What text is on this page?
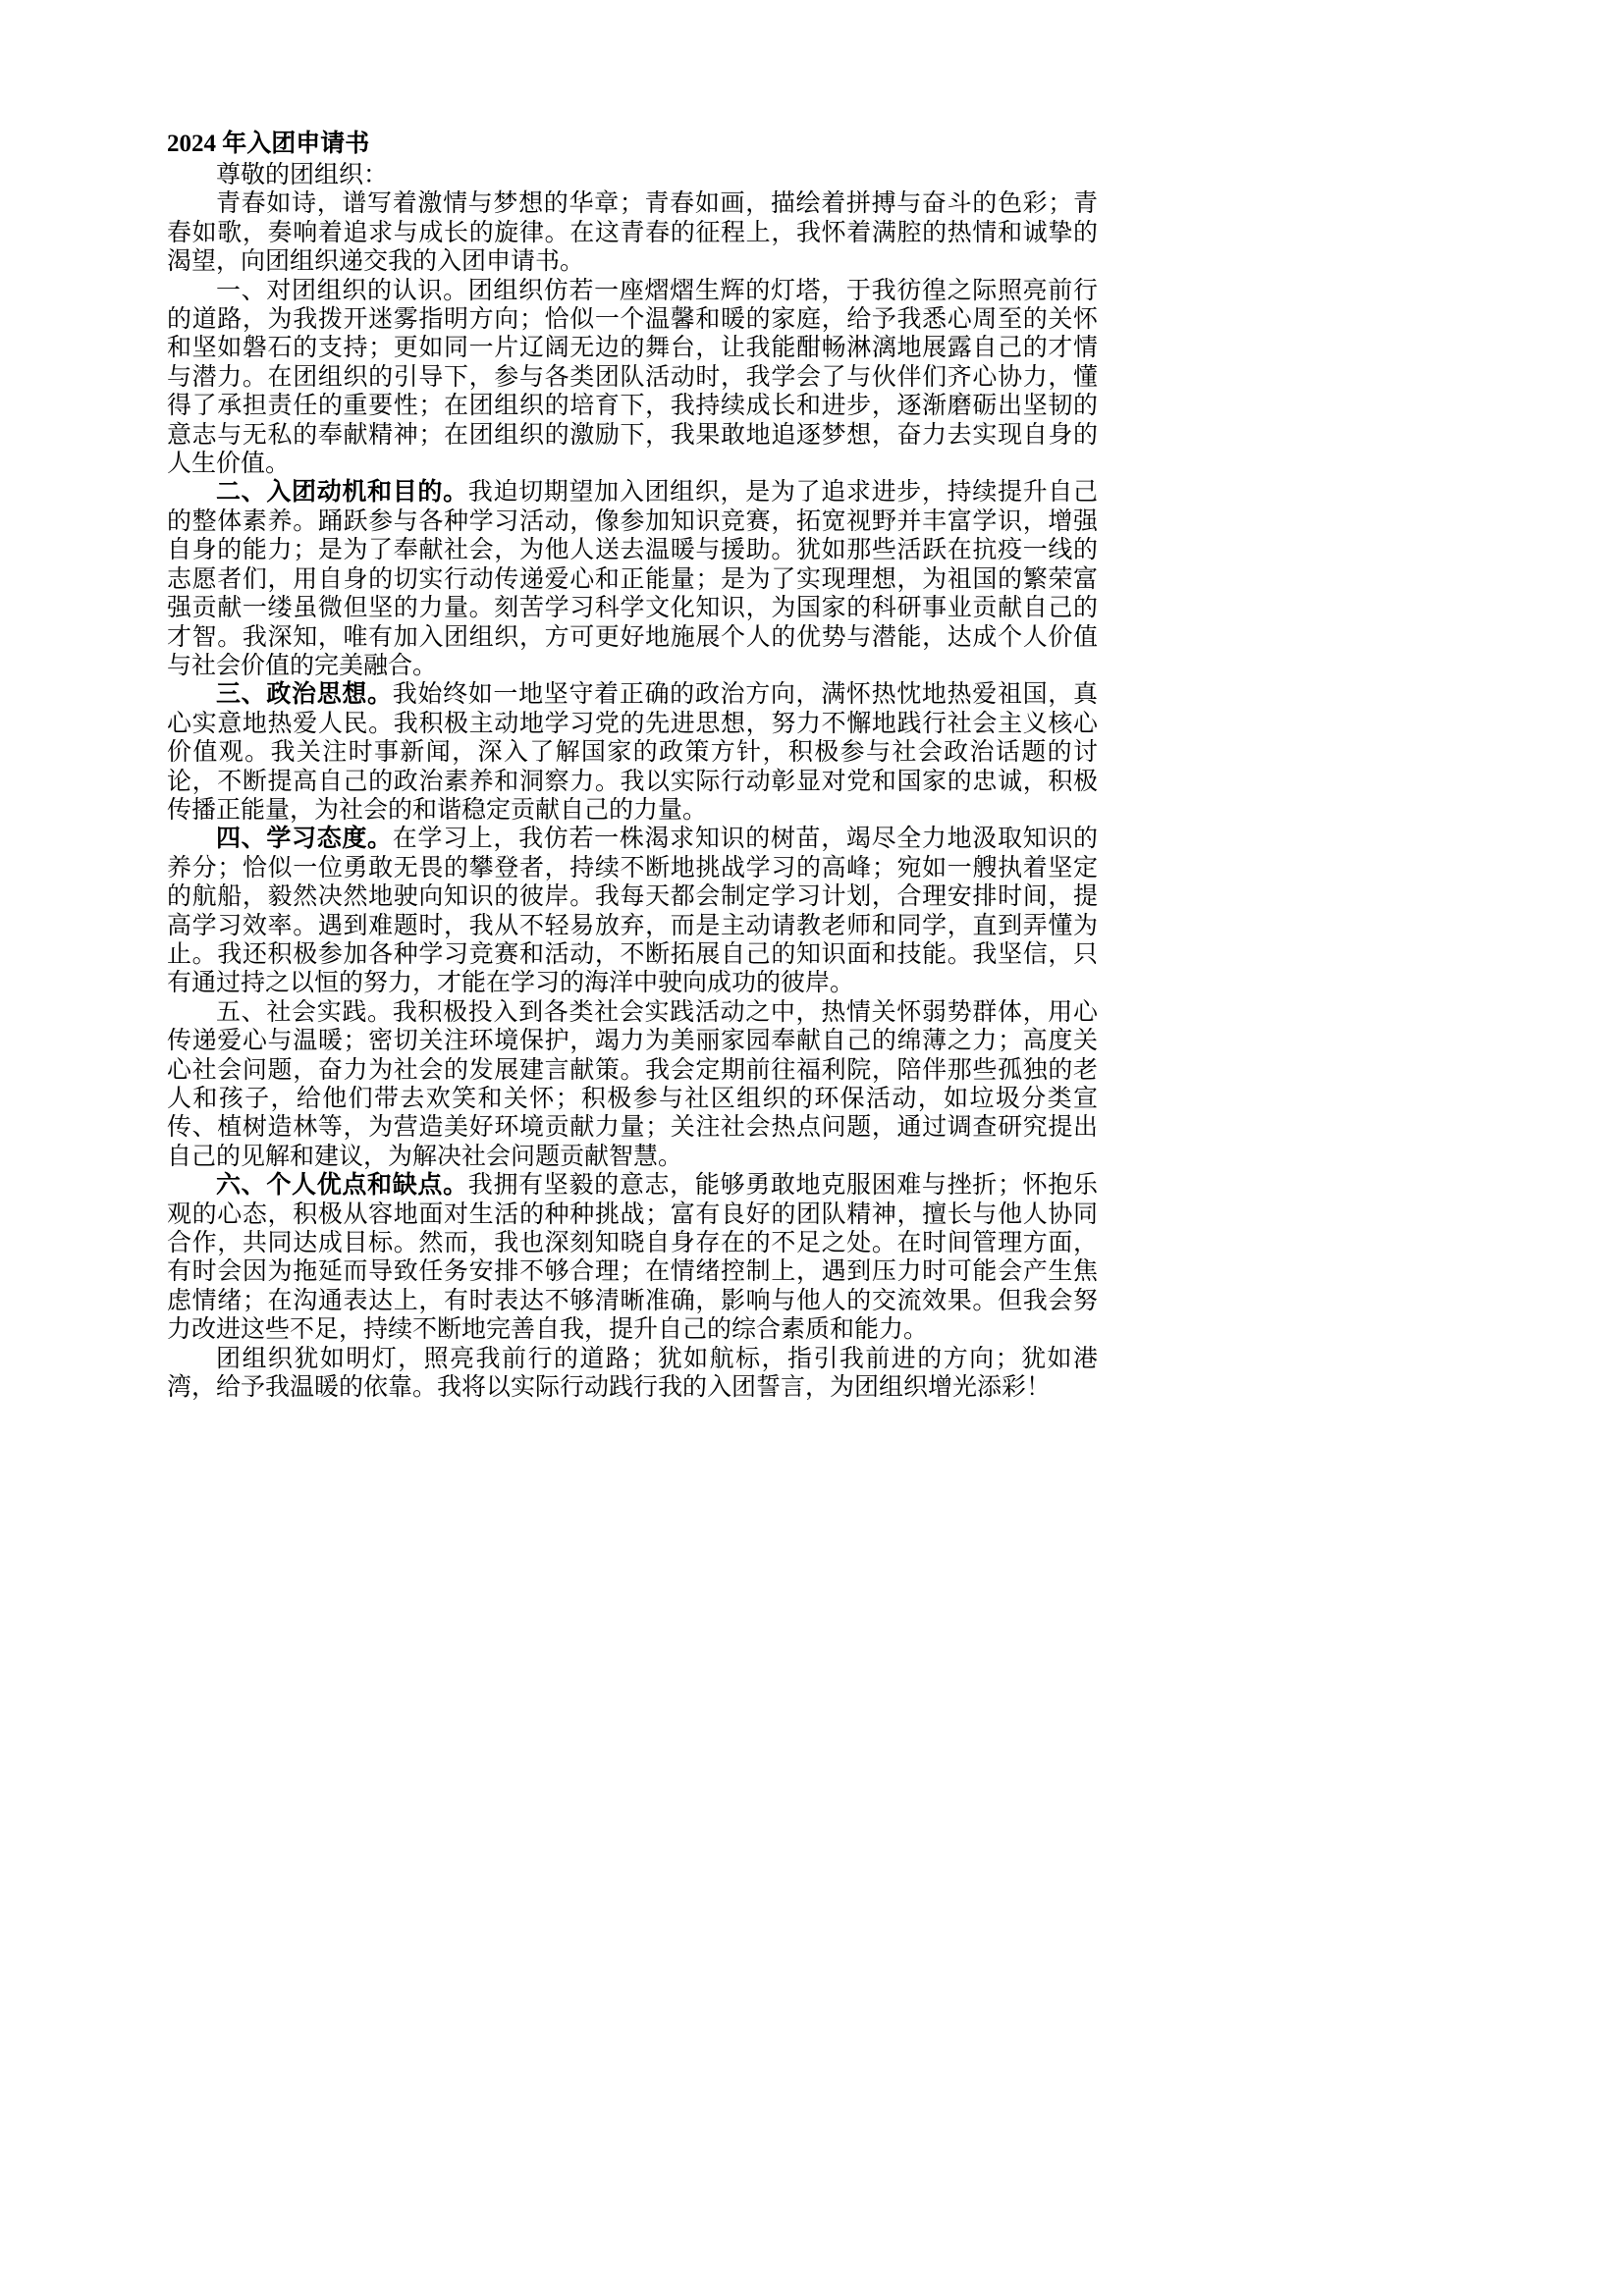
2024 年入团申请书

尊敬的团组织：

青春如诗，谱写着激情与梦想的华章；青春如画，描绘着拼搏与奋斗的色彩；青春如歌，奏响着追求与成长的旋律。在这青春的征程上，我怀着满腔的热情和诚挚的渴望，向团组织递交我的入团申请书。

一、对团组织的认识。团组织仿若一座熠熠生辉的灯塔，于我彷徨之际照亮前行的道路，为我拨开迷雾指明方向；恰似一个温馨和暖的家庭，给予我悉心周至的关怀和坚如磐石的支持；更如同一片辽阔无边的舞台，让我能酣畅淋漓地展露自己的才情与潜力。在团组织的引导下，参与各类团队活动时，我学会了与伙伴们齐心协力，懂得了承担责任的重要性；在团组织的培育下，我持续成长和进步，逐渐磨砺出坚韧的意志与无私的奉献精神；在团组织的激励下，我果敢地追逐梦想，奋力去实现自身的人生价值。

二、入团动机和目的。我迫切期望加入团组织，是为了追求进步，持续提升自己的整体素养。踊跃参与各种学习活动，像参加知识竞赛，拓宽视野并丰富学识，增强自身的能力；是为了奉献社会，为他人送去温暖与援助。犹如那些活跃在抗疫一线的志愿者们，用自身的切实行动传递爱心和正能量；是为了实现理想，为祖国的繁荣富强贡献一缕虽微但坚的力量。刻苦学习科学文化知识，为国家的科研事业贡献自己的才智。我深知，唯有加入团组织，方可更好地施展个人的优势与潜能，达成个人价值与社会价值的完美融合。

三、政治思想。我始终如一地坚守着正确的政治方向，满怀热忱地热爱祖国，真心实意地热爱人民。我积极主动地学习党的先进思想，努力不懈地践行社会主义核心价值观。我关注时事新闻，深入了解国家的政策方针，积极参与社会政治话题的讨论，不断提高自己的政治素养和洞察力。我以实际行动彰显对党和国家的忠诚，积极传播正能量，为社会的和谐稳定贡献自己的力量。

四、学习态度。在学习上，我仿若一株渴求知识的树苗，竭尽全力地汲取知识的养分；恰似一位勇敢无畏的攀登者，持续不断地挑战学习的高峰；宛如一艘执着坚定的航船，毅然决然地驶向知识的彼岸。我每天都会制定学习计划，合理安排时间，提高学习效率。遇到难题时，我从不轻易放弃，而是主动请教老师和同学，直到弄懂为止。我还积极参加各种学习竞赛和活动，不断拓展自己的知识面和技能。我坚信，只有通过持之以恒的努力，才能在学习的海洋中驶向成功的彼岸。

五、社会实践。我积极投入到各类社会实践活动之中，热情关怀弱势群体，用心传递爱心与温暖；密切关注环境保护，竭力为美丽家园奉献自己的绵薄之力；高度关心社会问题，奋力为社会的发展建言献策。我会定期前往福利院，陪伴那些孤独的老人和孩子，给他们带去欢笑和关怀；积极参与社区组织的环保活动，如垃圾分类宣传、植树造林等，为营造美好环境贡献力量；关注社会热点问题，通过调查研究提出自己的见解和建议，为解决社会问题贡献智慧。

六、个人优点和缺点。我拥有坚毅的意志，能够勇敢地克服困难与挫折；怀抱乐观的心态，积极从容地面对生活的种种挑战；富有良好的团队精神，擅长与他人协同合作，共同达成目标。然而，我也深刻知晓自身存在的不足之处。在时间管理方面，有时会因为拖延而导致任务安排不够合理；在情绪控制上，遇到压力时可能会产生焦虑情绪；在沟通表达上，有时表达不够清晰准确，影响与他人的交流效果。但我会努力改进这些不足，持续不断地完善自我，提升自己的综合素质和能力。

团组织犹如明灯，照亮我前行的道路；犹如航标，指引我前进的方向；犹如港湾，给予我温暖的依靠。我将以实际行动践行我的入团誓言，为团组织增光添彩！
